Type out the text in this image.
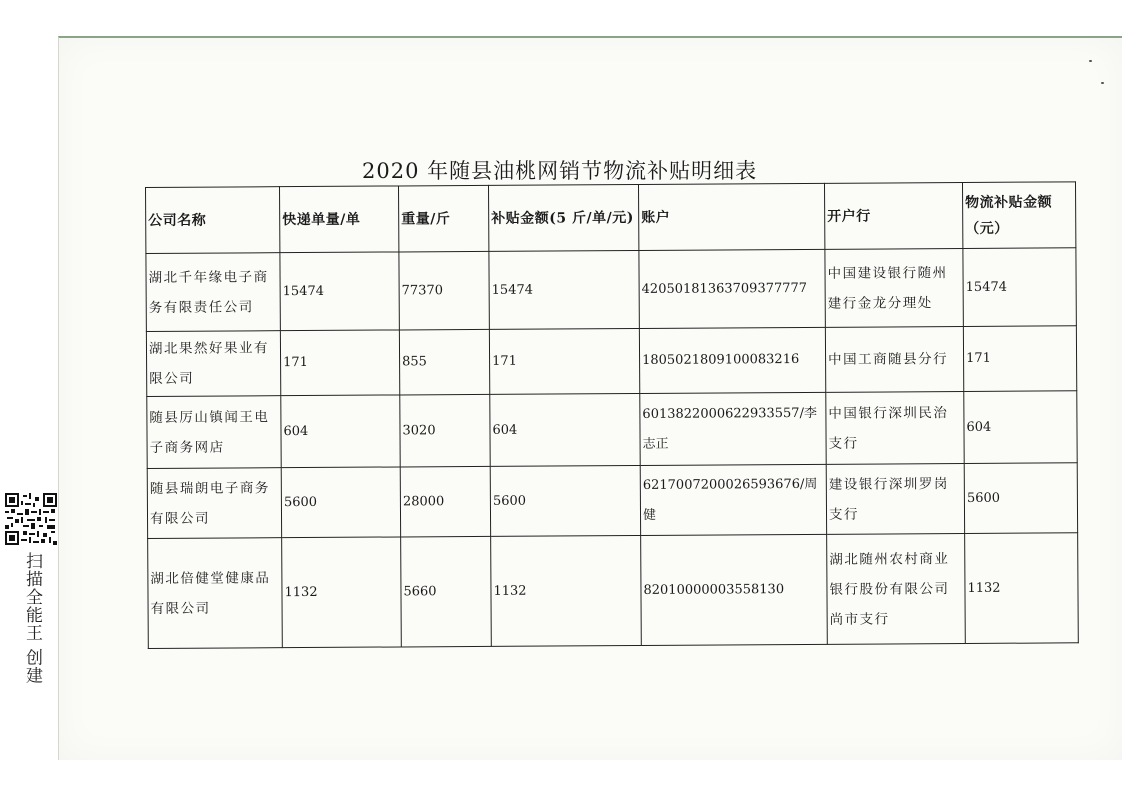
2020 年随县油桃网销节物流补贴明细表
公司名称	快递单量/单	重量/斤	补贴金额(5 斤/单/元)	账户	开户行	物流补贴金额（元）
湖北千年缘电子商务有限责任公司	15474	77370	15474	42050181363709377777	中国建设银行随州建行金龙分理处	15474
湖北果然好果业有限公司	171	855	171	1805021809100083216	中国工商随县分行	171
随县厉山镇闻王电子商务网店	604	3020	604	6013822000622933557/李志正	中国银行深圳民治支行	604
随县瑞朗电子商务有限公司	5600	28000	5600	6217007200026593676/周健	建设银行深圳罗岗支行	5600
湖北倍健堂健康品有限公司	1132	5660	1132	82010000003558130	湖北随州农村商业银行股份有限公司尚市支行	1132
扫描全能王 创建
